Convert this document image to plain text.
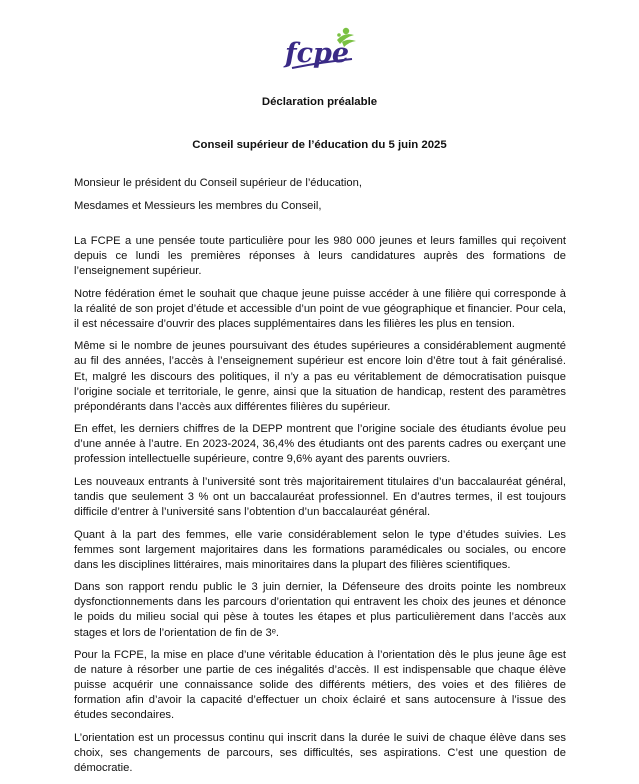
fcpe
Déclaration préalable
Conseil supérieur de l’éducation du 5 juin 2025
Monsieur le président du Conseil supérieur de l’éducation,
Mesdames et Messieurs les membres du Conseil,

La FCPE a une pensée toute particulière pour les 980 000 jeunes et leurs familles qui reçoivent depuis ce lundi les premières réponses à leurs candidatures auprès des formations de l’enseignement supérieur.

Notre fédération émet le souhait que chaque jeune puisse accéder à une filière qui corresponde à la réalité de son projet d’étude et accessible d’un point de vue géographique et financier. Pour cela, il est nécessaire d’ouvrir des places supplémentaires dans les filières les plus en tension.

Même si le nombre de jeunes poursuivant des études supérieures a considérablement augmenté au fil des années, l’accès à l’enseignement supérieur est encore loin d’être tout à fait généralisé. Et, malgré les discours des politiques, il n’y a pas eu véritablement de démocratisation puisque l’origine sociale et territoriale, le genre, ainsi que la situation de handicap, restent des paramètres prépondérants dans l’accès aux différentes filières du supérieur.

En effet, les derniers chiffres de la DEPP montrent que l’origine sociale des étudiants évolue peu d’une année à l’autre. En 2023-2024, 36,4% des étudiants ont des parents cadres ou exerçant une profession intellectuelle supérieure, contre 9,6% ayant des parents ouvriers.

Les nouveaux entrants à l’université sont très majoritairement titulaires d’un baccalauréat général, tandis que seulement 3 % ont un baccalauréat professionnel. En d’autres termes, il est toujours difficile d’entrer à l’université sans l’obtention d’un baccalauréat général.

Quant à la part des femmes, elle varie considérablement selon le type d’études suivies. Les femmes sont largement majoritaires dans les formations paramédicales ou sociales, ou encore dans les disciplines littéraires, mais minoritaires dans la plupart des filières scientifiques.

Dans son rapport rendu public le 3 juin dernier, la Défenseure des droits pointe les nombreux dysfonctionnements dans les parcours d’orientation qui entravent les choix des jeunes et dénonce le poids du milieu social qui pèse à toutes les étapes et plus particulièrement dans l’accès aux stages et lors de l’orientation de fin de 3ᵉ.

Pour la FCPE, la mise en place d’une véritable éducation à l’orientation dès le plus jeune âge est de nature à résorber une partie de ces inégalités d’accès. Il est indispensable que chaque élève puisse acquérir une connaissance solide des différents métiers, des voies et des filières de formation afin d’avoir la capacité d’effectuer un choix éclairé et sans autocensure à l’issue des études secondaires.

L’orientation est un processus continu qui inscrit dans la durée le suivi de chaque élève dans ses choix, ses changements de parcours, ses difficultés, ses aspirations. C’est une question de démocratie.
